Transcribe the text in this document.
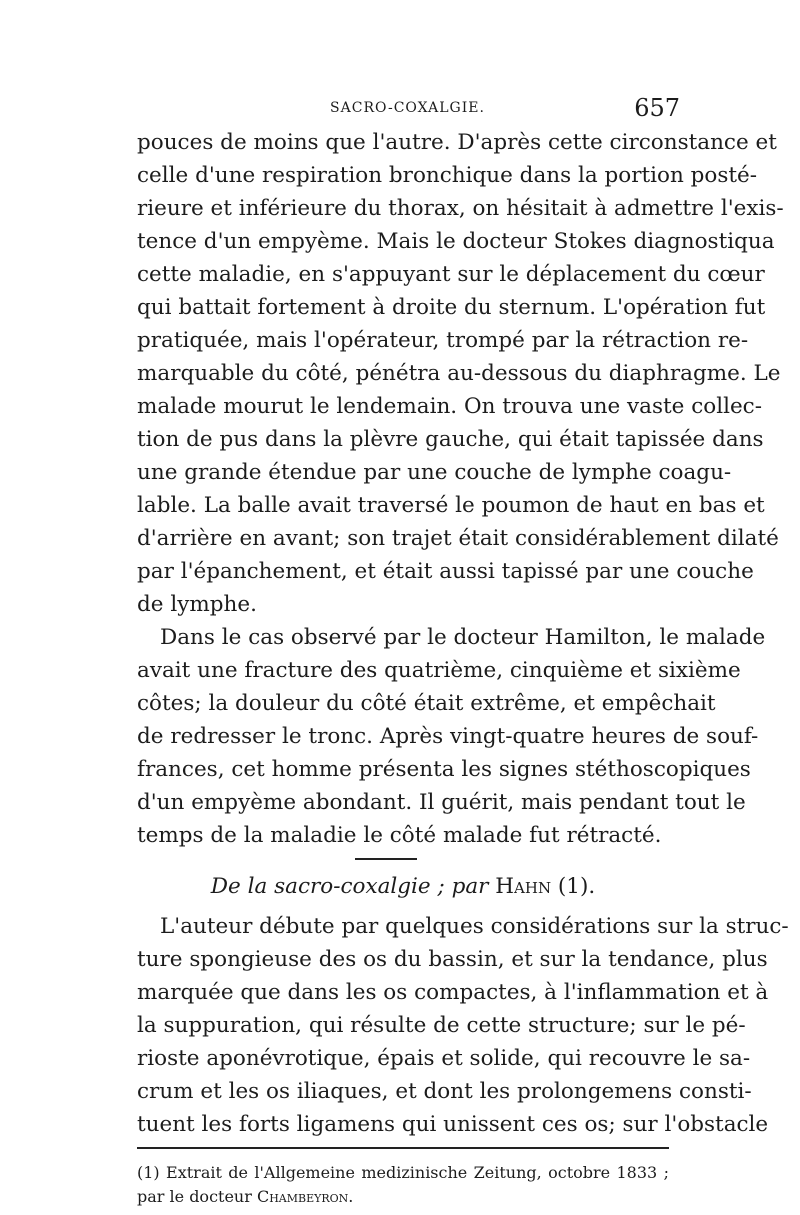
SACRO-COXALGIE.	657
pouces de moins que l'autre. D'après cette circonstance et
celle d'une respiration bronchique dans la portion posté-
rieure et inférieure du thorax, on hésitait à admettre l'exis-
tence d'un empyème. Mais le docteur Stokes diagnostiqua
cette maladie, en s'appuyant sur le déplacement du cœur
qui battait fortement à droite du sternum. L'opération fut
pratiquée, mais l'opérateur, trompé par la rétraction re-
marquable du côté, pénétra au-dessous du diaphragme. Le
malade mourut le lendemain. On trouva une vaste collec-
tion de pus dans la plèvre gauche, qui était tapissée dans
une grande étendue par une couche de lymphe coagu-
lable. La balle avait traversé le poumon de haut en bas et
d'arrière en avant; son trajet était considérablement dilaté
par l'épanchement, et était aussi tapissé par une couche
de lymphe.
Dans le cas observé par le docteur Hamilton, le malade
avait une fracture des quatrième, cinquième et sixième
côtes; la douleur du côté était extrême, et empêchait
de redresser le tronc. Après vingt-quatre heures de souf-
De la sacro-coxalgie ; par Hahn (1).
L'auteur débute par quelques considérations sur la struc-
ture spongieuse des os du bassin, et sur la tendance, plus
marquée que dans les os compactes, à l'inflammation et à
la suppuration, qui résulte de cette structure; sur le pé-
rioste aponévrotique, épais et solide, qui recouvre le sa-
crum et les os iliaques, et dont les prolongemens consti-
(1) Extrait de l'Allgemeine medizinische Zeitung, octobre 1833 ;
par le docteur Chambeyron.
frances, cet homme présenta les signes stéthoscopiques
d'un empyème abondant. Il guérit, mais pendant tout le
temps de la maladie le côté malade fut rétracté.
tuent les forts ligamens qui unissent ces os; sur l'obstacle
